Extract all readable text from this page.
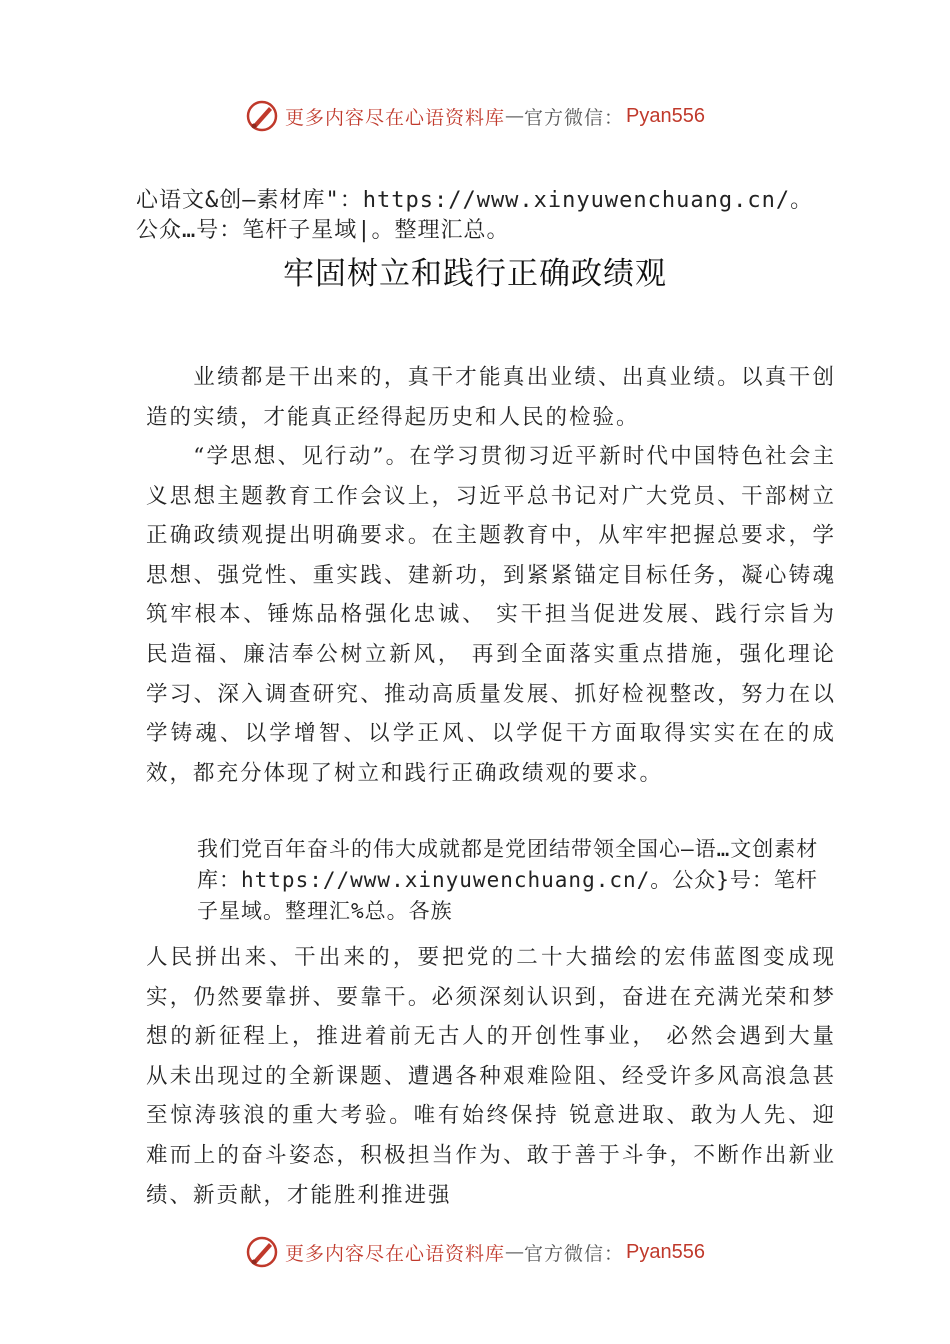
更多内容尽在心语资料库 — 官方微信： Pyan556
心语文&创—素材库"：https://www.xinyuwenchuang.cn/。公众…号：笔杆子星域|。整理汇总。
牢固树立和践行正确政绩观
业绩都是干出来的，真干才能真出业绩、出真业绩。以真干创造的实绩，才能真正经得起历史和人民的检验。
“学思想、见行动”。在学习贯彻习近平新时代中国特色社会主义思想主题教育工作会议上，习近平总书记对广大党员、干部树立正确政绩观提出明确要求。在主题教育中，从牢牢把握总要求，学思想、强党性、重实践、建新功，到紧紧锚定目标任务，凝心铸魂筑牢根本、锤炼品格强化忠诚、 实干担当促进发展、践行宗旨为民造福、廉洁奉公树立新风， 再到全面落实重点措施，强化理论学习、深入调查研究、推动高质量发展、抓好检视整改，努力在以学铸魂、以学增智、以学正风、以学促干方面取得实实在在的成效，都充分体现了树立和践行正确政绩观的要求。
我们党百年奋斗的伟大成就都是党团结带领全国心—语…文创素材库：https://www.xinyuwenchuang.cn/。公众}号：笔杆子星域。整理汇%总。各族
人民拼出来、干出来的，要把党的二十大描绘的宏伟蓝图变成现实，仍然要靠拼、要靠干。必须深刻认识到，奋进在充满光荣和梦想的新征程上，推进着前无古人的开创性事业， 必然会遇到大量从未出现过的全新课题、遭遇各种艰难险阻、经受许多风高浪急甚至惊涛骇浪的重大考验。唯有始终保持 锐意进取、敢为人先、迎难而上的奋斗姿态，积极担当作为、敢于善于斗争，不断作出新业绩、新贡献，才能胜利推进强
更多内容尽在心语资料库 — 官方微信： Pyan556
